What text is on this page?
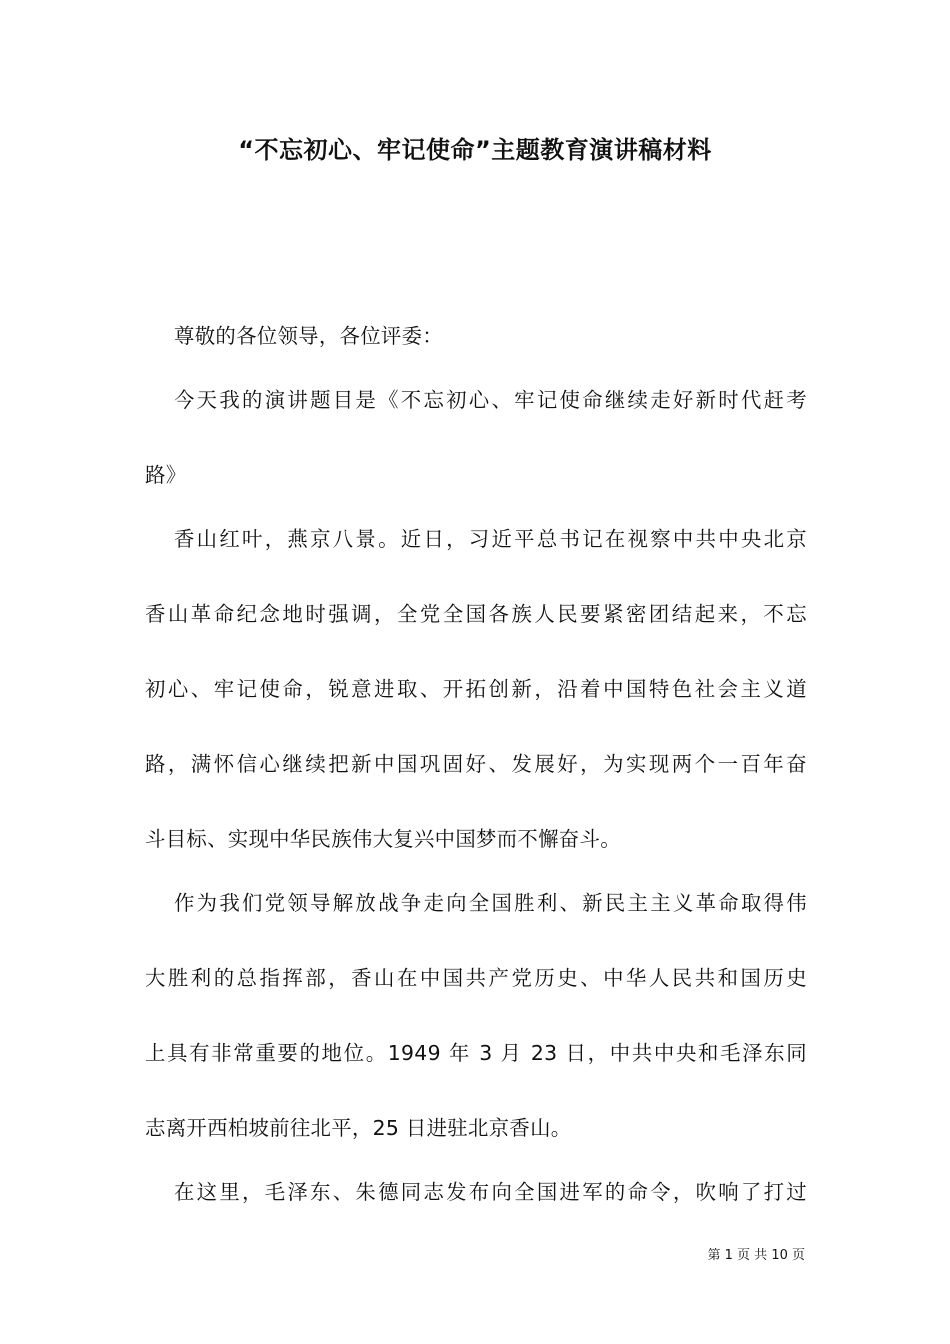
“不忘初心、牢记使命”主题教育演讲稿材料
尊敬的各位领导，各位评委：
今天我的演讲题目是《不忘初心、牢记使命继续走好新时代赶考
路》
香山红叶，燕京八景。近日，习近平总书记在视察中共中央北京
香山革命纪念地时强调，全党全国各族人民要紧密团结起来，不忘
初心、牢记使命，锐意进取、开拓创新，沿着中国特色社会主义道
路，满怀信心继续把新中国巩固好、发展好，为实现两个一百年奋
斗目标、实现中华民族伟大复兴中国梦而不懈奋斗。
作为我们党领导解放战争走向全国胜利、新民主主义革命取得伟
大胜利的总指挥部，香山在中国共产党历史、中华人民共和国历史
上具有非常重要的地位。1949 年 3 月 23 日，中共中央和毛泽东同
志离开西柏坡前往北平，25 日进驻北京香山。
在这里，毛泽东、朱德同志发布向全国进军的命令，吹响了打过
第 1 页 共 10 页
